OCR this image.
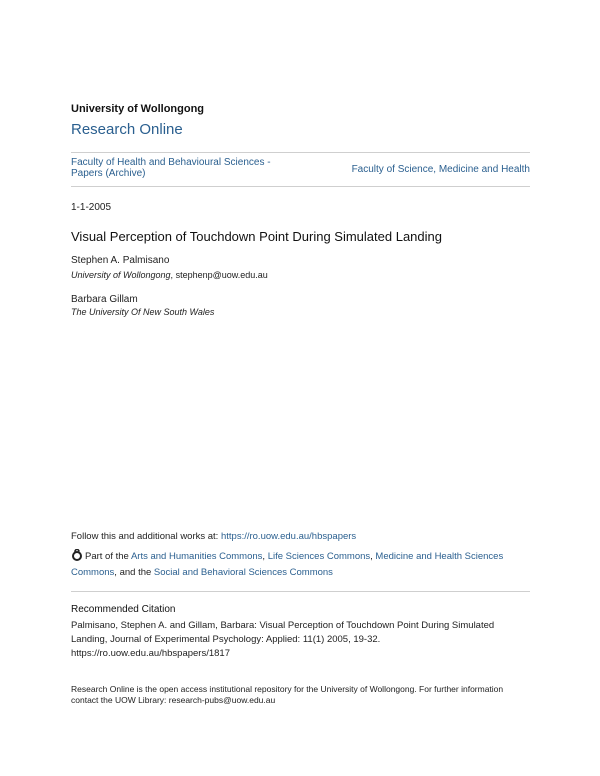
University of Wollongong
Research Online
Faculty of Health and Behavioural Sciences - Papers (Archive)	Faculty of Science, Medicine and Health
1-1-2005
Visual Perception of Touchdown Point During Simulated Landing
Stephen A. Palmisano
University of Wollongong, stephenp@uow.edu.au
Barbara Gillam
The University Of New South Wales
Follow this and additional works at: https://ro.uow.edu.au/hbspapers
Part of the Arts and Humanities Commons, Life Sciences Commons, Medicine and Health Sciences Commons, and the Social and Behavioral Sciences Commons
Recommended Citation
Palmisano, Stephen A. and Gillam, Barbara: Visual Perception of Touchdown Point During Simulated Landing, Journal of Experimental Psychology: Applied: 11(1) 2005, 19-32.
https://ro.uow.edu.au/hbspapers/1817
Research Online is the open access institutional repository for the University of Wollongong. For further information contact the UOW Library: research-pubs@uow.edu.au
